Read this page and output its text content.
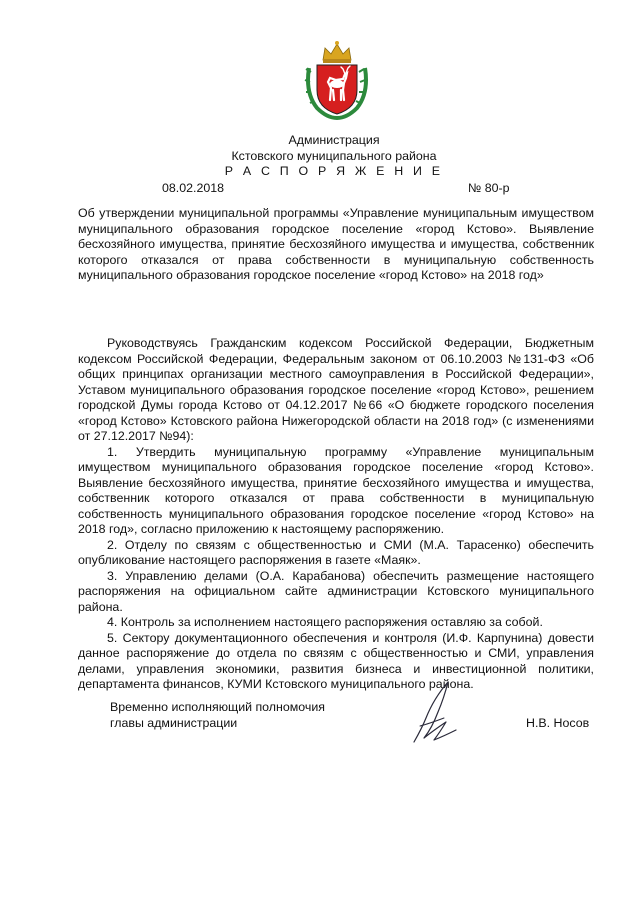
Администрация
Кстовского муниципального района
Р А С П О Р Я Ж Е Н И Е
08.02.2018	№ 80-р

Об утверждении муниципальной программы «Управление муниципальным имуществом муниципального образования городское поселение «город Кстово». Выявление бесхозяйного имущества, принятие бесхозяйного имущества и имущества, собственник которого отказался от права собственности в муниципальную собственность муниципального образования городское поселение «город Кстово» на 2018 год»

Руководствуясь Гражданским кодексом Российской Федерации, Бюджетным кодексом Российской Федерации, Федеральным законом от 06.10.2003 №131-ФЗ «Об общих принципах организации местного самоуправления в Российской Федерации», Уставом муниципального образования городское поселение «город Кстово», решением городской Думы города Кстово от 04.12.2017 №66 «О бюджете городского поселения «город Кстово» Кстовского района Нижегородской области на 2018 год» (с изменениями от 27.12.2017 №94):

1. Утвердить муниципальную программу «Управление муниципальным имуществом муниципального образования городское поселение «город Кстово». Выявление бесхозяйного имущества, принятие бесхозяйного имущества и имущества, собственник которого отказался от права собственности в муниципальную собственность муниципального образования городское поселение «город Кстово» на 2018 год», согласно приложению к настоящему распоряжению.

2. Отделу по связям с общественностью и СМИ (М.А. Тарасенко) обеспечить опубликование настоящего распоряжения в газете «Маяк».

3. Управлению делами (О.А. Карабанова) обеспечить размещение настоящего распоряжения на официальном сайте администрации Кстовского муниципального района.

4. Контроль за исполнением настоящего распоряжения оставляю за собой.

5. Сектору документационного обеспечения и контроля (И.Ф. Карпунина) довести данное распоряжение до отдела по связям с общественностью и СМИ, управления делами, управления экономики, развития бизнеса и инвестиционной политики, департамента финансов, КУМИ Кстовского муниципального района.

Временно исполняющий полномочия
главы администрации	Н.В. Носов
